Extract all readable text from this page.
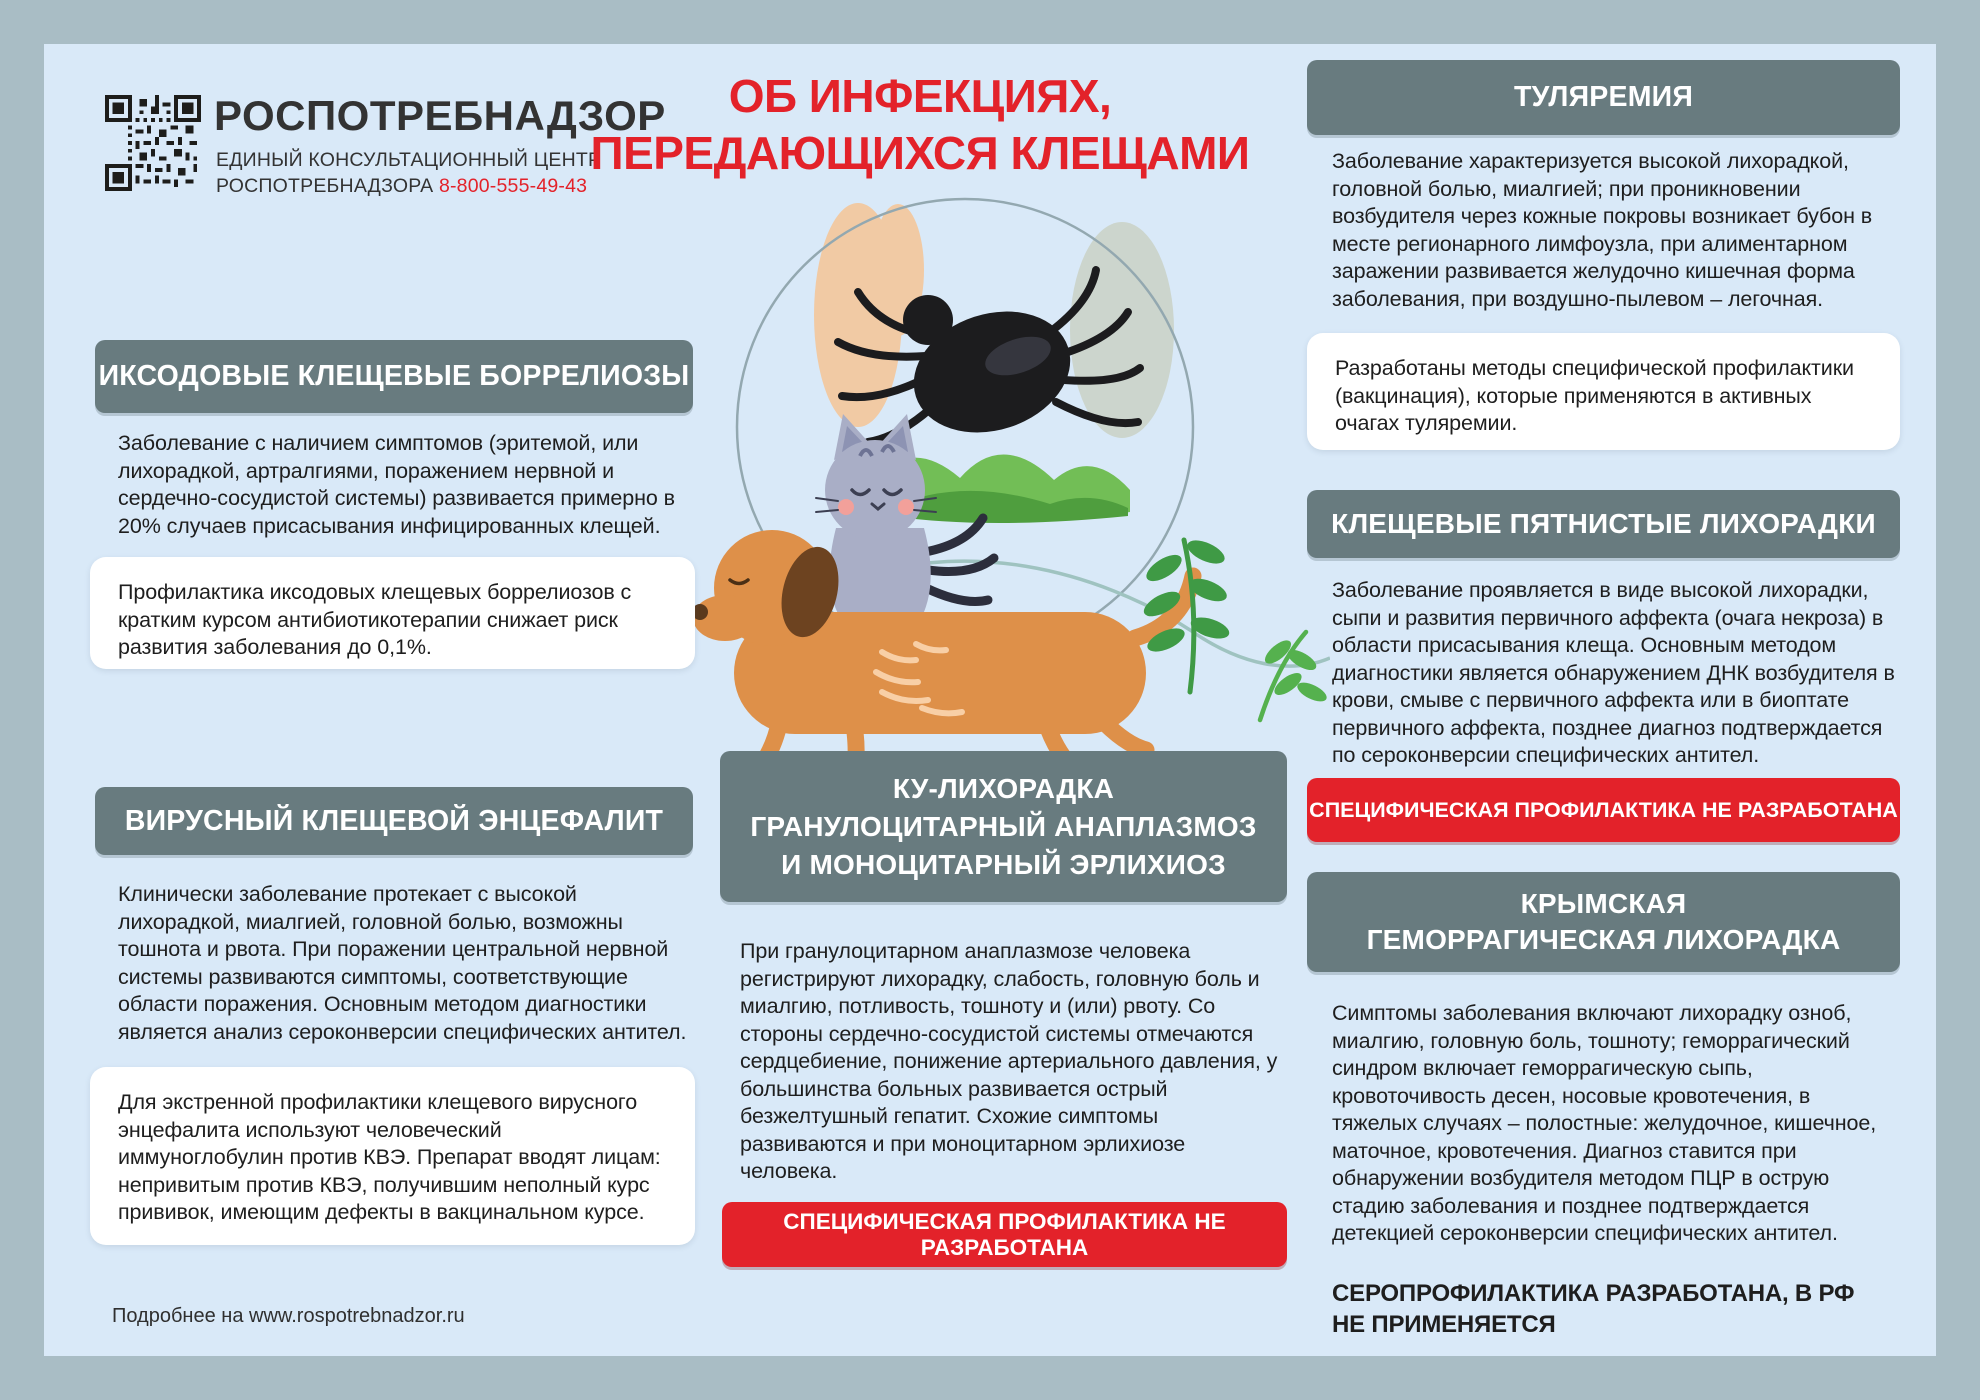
РОСПОТРЕБНАДЗОР
ЕДИНЫЙ КОНСУЛЬТАЦИОННЫЙ ЦЕНТР
РОСПОТРЕБНАДЗОРА 8-800-555-49-43
ОБ ИНФЕКЦИЯХ,
ПЕРЕДАЮЩИХСЯ КЛЕЩАМИ
ИКСОДОВЫЕ КЛЕЩЕВЫЕ БОРРЕЛИОЗЫ
Заболевание с наличием симптомов (эритемой, или лихорадкой, артралгиями, поражением нервной и сердечно-сосудистой системы) развивается примерно в 20% случаев присасывания инфицированных клещей.
Профилактика иксодовых клещевых боррелиозов с кратким курсом антибиотикотерапии снижает риск развития заболевания до 0,1%.
ВИРУСНЫЙ КЛЕЩЕВОЙ ЭНЦЕФАЛИТ
Клинически заболевание протекает с высокой лихорадкой, миалгией, головной болью, возможны тошнота и рвота. При поражении центральной нервной системы развиваются симптомы, соответствующие области поражения. Основным методом диагностики является анализ сероконверсии специфических антител.
Для экстренной профилактики клещевого вирусного энцефалита используют человеческий иммуноглобулин против КВЭ. Препарат вводят лицам: непривитым против КВЭ, получившим неполный курс прививок, имеющим дефекты в вакцинальном курсе.
Подробнее на www.rospotrebnadzor.ru
КУ-ЛИХОРАДКА
ГРАНУЛОЦИТАРНЫЙ АНАПЛАЗМОЗ
И МОНОЦИТАРНЫЙ ЭРЛИХИОЗ
При гранулоцитарном анаплазмозе человека регистрируют лихорадку, слабость, головную боль и миалгию, потливость, тошноту и (или) рвоту. Со стороны сердечно-сосудистой системы отмечаются сердцебиение, понижение артериального давления, у большинства больных развивается острый безжелтушный гепатит. Схожие симптомы развиваются и при моноцитарном эрлихиозе человека.
СПЕЦИФИЧЕСКАЯ ПРОФИЛАКТИКА НЕ РАЗРАБОТАНА
ТУЛЯРЕМИЯ
Заболевание характеризуется высокой лихорадкой, головной болью, миалгией; при проникновении возбудителя через кожные покровы возникает бубон в месте регионарного лимфоузла, при алиментарном заражении развивается желудочно кишечная форма заболевания, при воздушно-пылевом – легочная.
Разработаны методы специфической профилактики (вакцинация), которые применяются в активных очагах туляремии.
КЛЕЩЕВЫЕ ПЯТНИСТЫЕ ЛИХОРАДКИ
Заболевание проявляется в виде высокой лихорадки, сыпи и развития первичного аффекта (очага некроза) в области присасывания клеща. Основным методом диагностики является обнаружением ДНК возбудителя в крови, смыве с первичного аффекта или в биоптате первичного аффекта, позднее диагноз подтверждается по сероконверсии специфических антител.
СПЕЦИФИЧЕСКАЯ ПРОФИЛАКТИКА НЕ РАЗРАБОТАНА
КРЫМСКАЯ
ГЕМОРРАГИЧЕСКАЯ ЛИХОРАДКА
Симптомы заболевания включают лихорадку озноб, миалгию, головную боль, тошноту; геморрагический синдром включает геморрагическую сыпь, кровоточивость десен, носовые кровотечения, в тяжелых случаях – полостные: желудочное, кишечное, маточное, кровотечения. Диагноз ставится при обнаружении возбудителя методом ПЦР в острую стадию заболевания и позднее подтверждается детекцией сероконверсии специфических антител.
СЕРОПРОФИЛАКТИКА РАЗРАБОТАНА, В РФ
НЕ ПРИМЕНЯЕТСЯ
